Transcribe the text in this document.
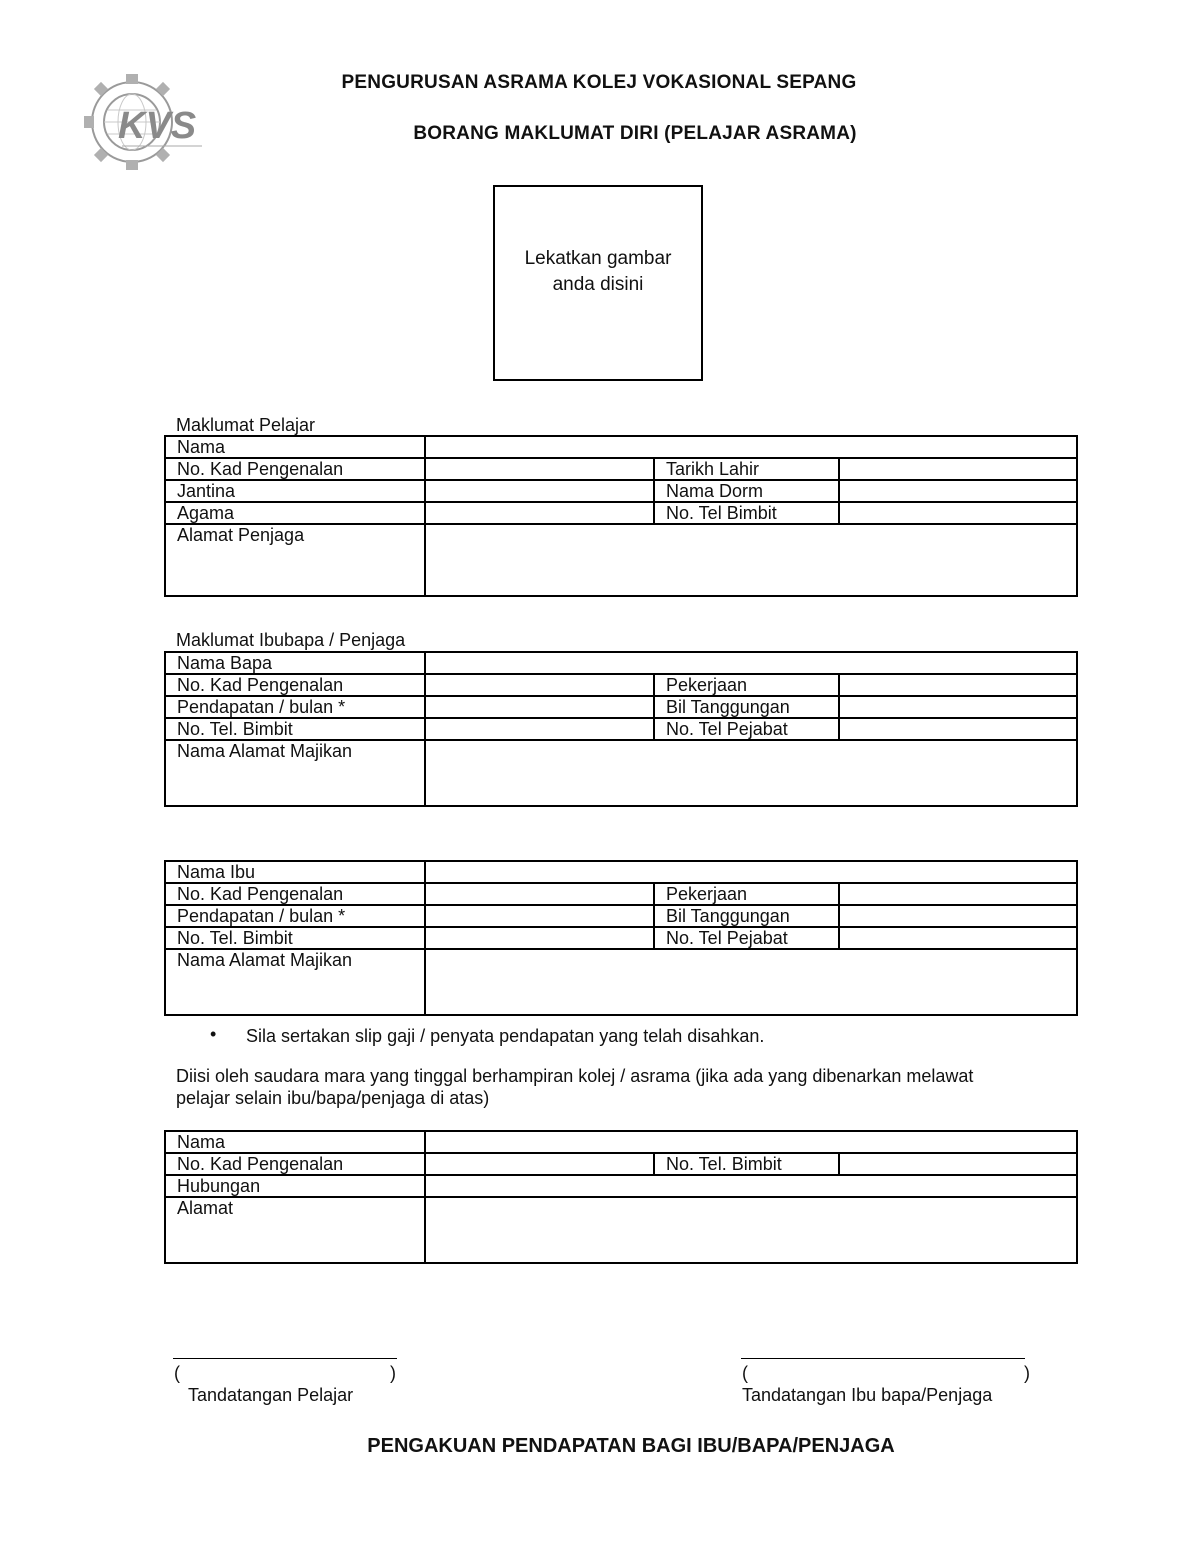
KVS
PENGURUSAN ASRAMA KOLEJ VOKASIONAL SEPANG
BORANG MAKLUMAT DIRI (PELAJAR ASRAMA)
Lekatkan gambar
anda disini
Maklumat Pelajar
Nama			
No. Kad Pengenalan		Tarikh Lahir	
Jantina		Nama Dorm	
Agama		No. Tel Bimbit	
Alamat Penjaga			
Maklumat Ibubapa / Penjaga
Nama Bapa			
No. Kad Pengenalan		Pekerjaan	
Pendapatan / bulan *		Bil Tanggungan	
No. Tel. Bimbit		No. Tel Pejabat	
Nama Alamat Majikan			
Nama Ibu			
No. Kad Pengenalan		Pekerjaan	
Pendapatan / bulan *		Bil Tanggungan	
No. Tel. Bimbit		No. Tel Pejabat	
Nama Alamat Majikan			
• Sila sertakan slip gaji / penyata pendapatan yang telah disahkan.
Diisi oleh saudara mara yang tinggal berhampiran kolej / asrama (jika ada yang dibenarkan melawat
pelajar selain ibu/bapa/penjaga di atas)
Nama			
No. Kad Pengenalan		No. Tel. Bimbit	
Hubungan			
Alamat			
(	)
Tandatangan Pelajar
(	)
Tandatangan Ibu bapa/Penjaga
PENGAKUAN PENDAPATAN BAGI IBU/BAPA/PENJAGA
